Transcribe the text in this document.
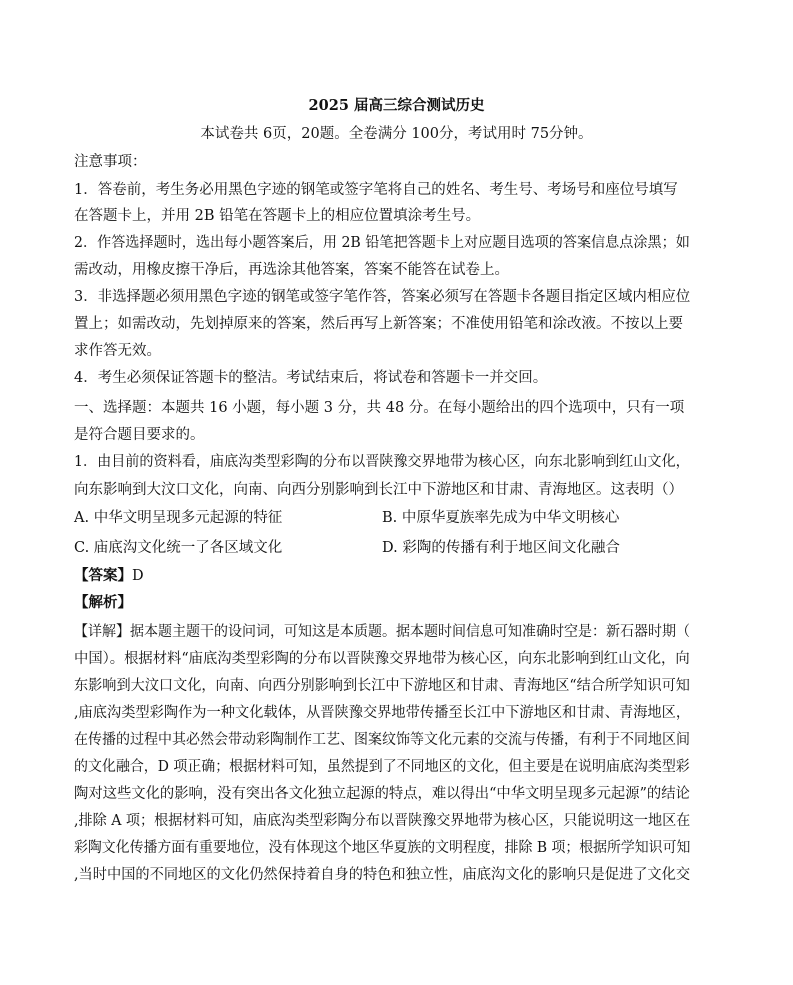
2025 届高三综合测试历史
本试卷共 6页，20题。全卷满分 100分，考试用时 75分钟。
注意事项：
1．答卷前，考生务必用黑色字迹的钢笔或签字笔将自己的姓名、考生号、考场号和座位号填写
在答题卡上，并用 2B 铅笔在答题卡上的相应位置填涂考生号。
2．作答选择题时，选出每小题答案后，用 2B 铅笔把答题卡上对应题目选项的答案信息点涂黑；如
需改动，用橡皮擦干净后，再选涂其他答案，答案不能答在试卷上。
3．非选择题必须用黑色字迹的钢笔或签字笔作答，答案必须写在答题卡各题目指定区域内相应位
置上；如需改动，先划掉原来的答案，然后再写上新答案；不准使用铅笔和涂改液。不按以上要
求作答无效。
4．考生必须保证答题卡的整洁。考试结束后，将试卷和答题卡一并交回。
一、选择题：本题共 16 小题，每小题 3 分，共 48 分。在每小题给出的四个选项中，只有一项
是符合题目要求的。
1．由目前的资料看，庙底沟类型彩陶的分布以晋陕豫交界地带为核心区，向东北影响到红山文化，
向东影响到大汶口文化，向南、向西分别影响到长江中下游地区和甘肃、青海地区。这表明（）
A. 中华文明呈现多元起源的特征	B. 中原华夏族率先成为中华文明核心
C. 庙底沟文化统一了各区域文化	D. 彩陶的传播有利于地区间文化融合
【答案】D
【解析】
【详解】据本题主题干的设问词，可知这是本质题。据本题时间信息可知准确时空是：新石器时期（
中国）。根据材料“庙底沟类型彩陶的分布以晋陕豫交界地带为核心区，向东北影响到红山文化，向
东影响到大汶口文化，向南、向西分别影响到长江中下游地区和甘肃、青海地区“结合所学知识可知
,庙底沟类型彩陶作为一种文化载体，从晋陕豫交界地带传播至长江中下游地区和甘肃、青海地区，
在传播的过程中其必然会带动彩陶制作工艺、图案纹饰等文化元素的交流与传播，有利于不同地区间
的文化融合，D 项正确；根据材料可知，虽然提到了不同地区的文化，但主要是在说明庙底沟类型彩
陶对这些文化的影响，没有突出各文化独立起源的特点，难以得出“中华文明呈现多元起源”的结论
,排除 A 项；根据材料可知，庙底沟类型彩陶分布以晋陕豫交界地带为核心区，只能说明这一地区在
彩陶文化传播方面有重要地位，没有体现这个地区华夏族的文明程度，排除 B 项；根据所学知识可知
,当时中国的不同地区的文化仍然保持着自身的特色和独立性，庙底沟文化的影响只是促进了文化交
